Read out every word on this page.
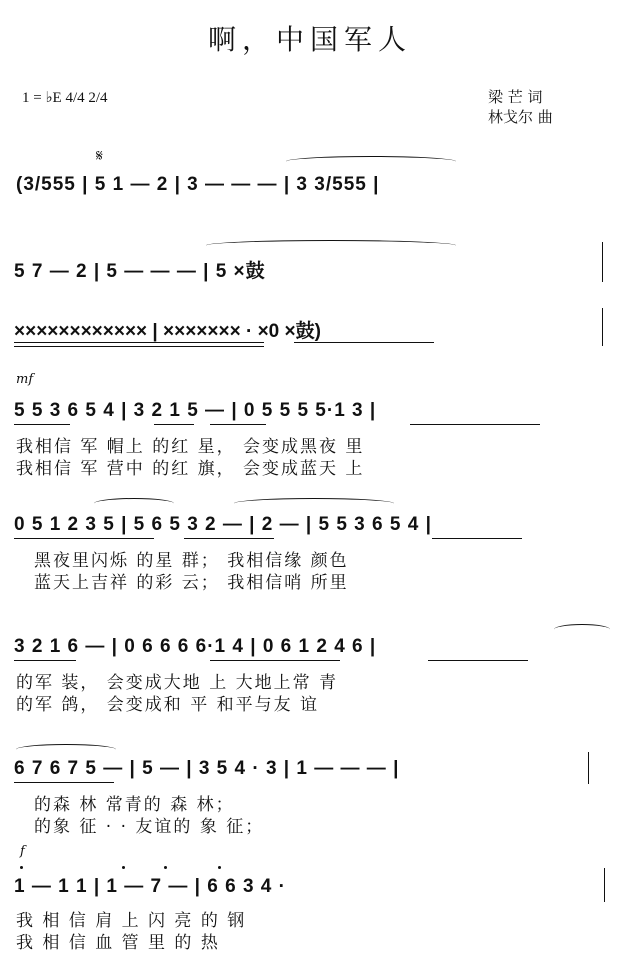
啊，中国军人
1 = ♭E 4/4 2/4	梁 芒 词
林戈尔 曲
𝄋
(3/555 | 5 1 — 2 | 3 — — — | 3 3/555 |
5 7 — 2 | 5 — — — | 5 ×鼓
×××××××××××× | ××××××× · ×0 ×鼓)
mf
5 5 3 6 5 4 | 3 2 1 5 — | 0 5 5 5 5·1 3 |
我相信 军 帽上 的红 星， 会变成黑夜 里
我相信 军 营中 的红 旗， 会变成蓝天 上
0 5 1 2 3 5 | 5 6 5 3 2 — | 2 — | 5 5 3 6 5 4 |
黑夜里闪烁 的星 群； 我相信缘 颜色
蓝天上吉祥 的彩 云； 我相信哨 所里
3 2 1 6 — | 0 6 6 6 6·1 4 | 0 6 1 2 4 6 |
的军 装， 会变成大地 上 大地上常 青
的军 鸽， 会变成和 平 和平与友 谊
6 7 6 7 5 — | 5 — | 3 5 4 · 3 | 1 — — — |
的森 林 常青的 森 林；
的象 征 · · 友谊的 象 征；
f
1 — 1 1 | 1 — 7 — | 6 6 3 4 ·
我 相 信 肩 上 闪 亮 的 钢
我 相 信 血 管 里 的 热
